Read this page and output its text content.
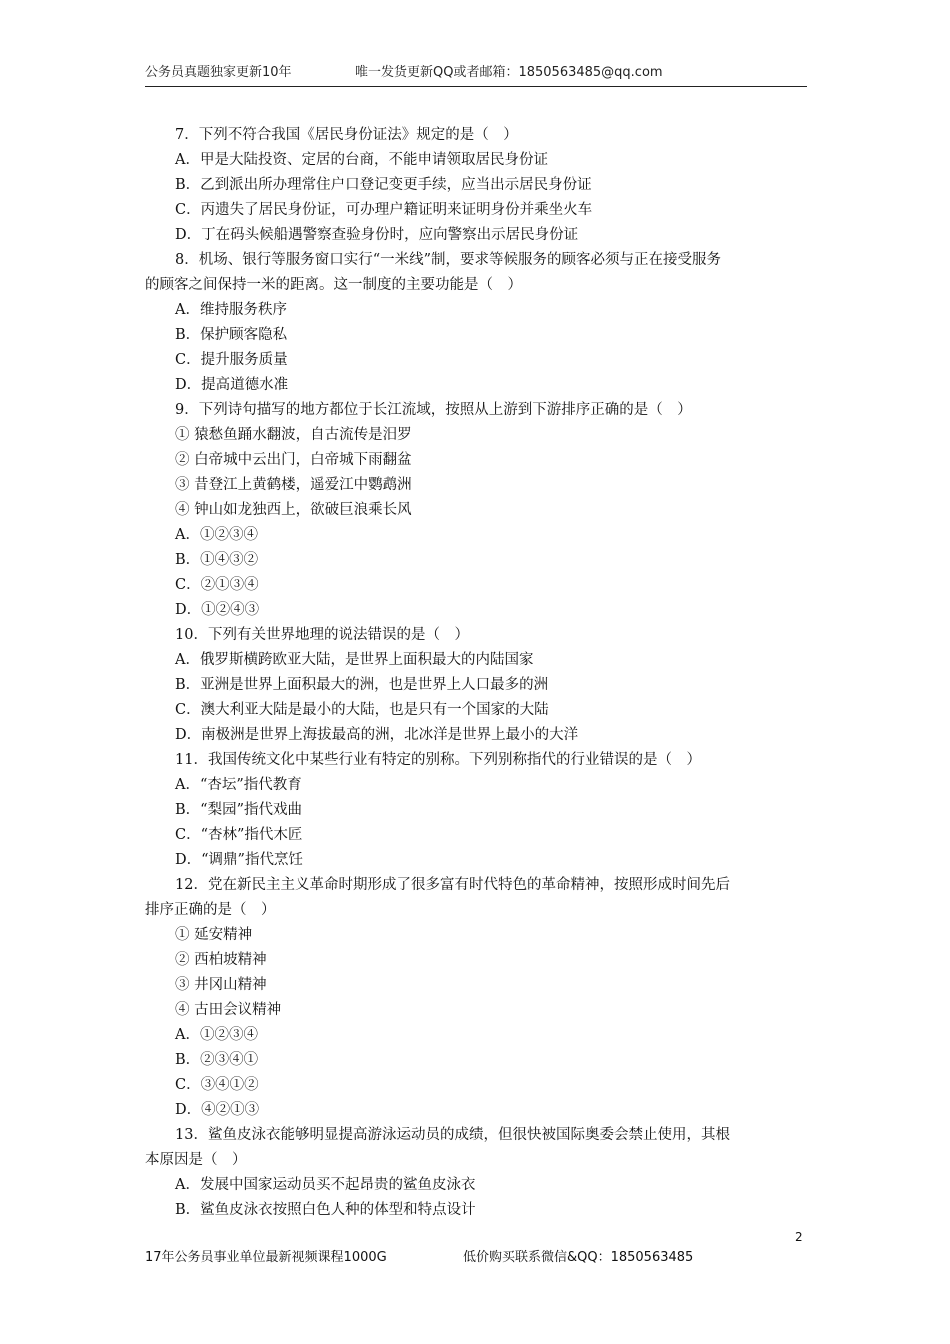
公务员真题独家更新10年	唯一发货更新QQ或者邮箱：1850563485@qq.com
7．下列不符合我国《居民身份证法》规定的是（　）
A．甲是大陆投资、定居的台商，不能申请领取居民身份证
B．乙到派出所办理常住户口登记变更手续，应当出示居民身份证
C．丙遗失了居民身份证，可办理户籍证明来证明身份并乘坐火车
D．丁在码头候船遇警察查验身份时，应向警察出示居民身份证
8．机场、银行等服务窗口实行“一米线”制，要求等候服务的顾客必须与正在接受服务
的顾客之间保持一米的距离。这一制度的主要功能是（　）
A．维持服务秩序
B．保护顾客隐私
C．提升服务质量
D．提高道德水准
9．下列诗句描写的地方都位于长江流域，按照从上游到下游排序正确的是（　）
① 猿愁鱼踊水翻波，自古流传是汨罗
② 白帝城中云出门，白帝城下雨翻盆
③ 昔登江上黄鹤楼，遥爱江中鹦鹉洲
④ 钟山如龙独西上，欲破巨浪乘长风
A．①②③④
B．①④③②
C．②①③④
D．①②④③
10．下列有关世界地理的说法错误的是（　）
A．俄罗斯横跨欧亚大陆，是世界上面积最大的内陆国家
B．亚洲是世界上面积最大的洲，也是世界上人口最多的洲
C．澳大利亚大陆是最小的大陆，也是只有一个国家的大陆
D．南极洲是世界上海拔最高的洲，北冰洋是世界上最小的大洋
11．我国传统文化中某些行业有特定的别称。下列别称指代的行业错误的是（　）
A．“杏坛”指代教育
B．“梨园”指代戏曲
C．“杏林”指代木匠
D．“调鼎”指代烹饪
12．党在新民主主义革命时期形成了很多富有时代特色的革命精神，按照形成时间先后
排序正确的是（　）
① 延安精神
② 西柏坡精神
③ 井冈山精神
④ 古田会议精神
A．①②③④
B．②③④①
C．③④①②
D．④②①③
13．鲨鱼皮泳衣能够明显提高游泳运动员的成绩，但很快被国际奥委会禁止使用，其根
本原因是（　）
A．发展中国家运动员买不起昂贵的鲨鱼皮泳衣
B．鲨鱼皮泳衣按照白色人种的体型和特点设计
2
17年公务员事业单位最新视频课程1000G	低价购买联系微信&QQ：1850563485
